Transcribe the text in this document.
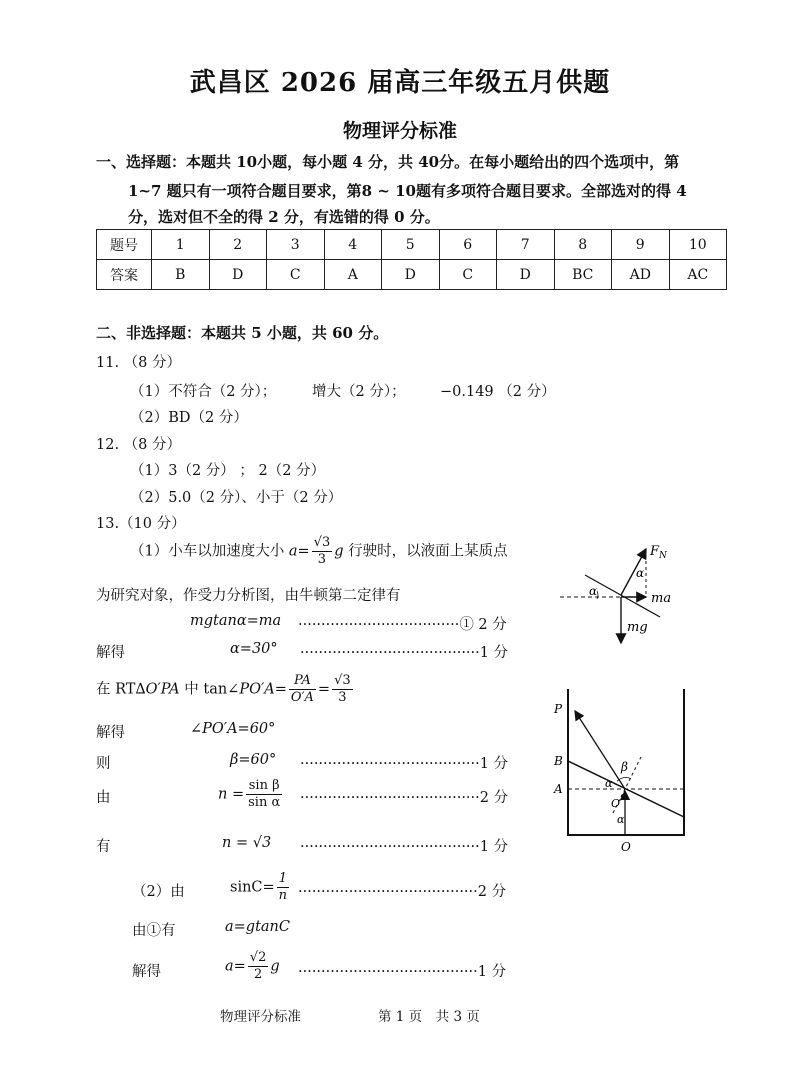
武昌区 2026 届高三年级五月供题
物理评分标准
一、选择题：本题共 10小题，每小题 4 分，共 40分。在每小题给出的四个选项中，第
1~7 题只有一项符合题目要求，第8 ~ 10题有多项符合题目要求。全部选对的得 4
分，选对但不全的得 2 分，有选错的得 0 分。
题号	1	2	3	4	5	6	7	8	9	10
答案	B	D	C	A	D	C	D	BC	AD	AC
二、非选择题：本题共 5 小题，共 60 分。
11. （8 分）
（1）不符合（2 分）； 增大（2 分）； −0.149 （2 分）
（2）BD（2 分）
12. （8 分）
（1）3（2 分） ； 2（2 分）
（2）5.0（2 分）、小于（2 分）
13.（10 分）
（1）小车以加速度大小 $a= \frac{√3}{3}$ g 行驶时，以液面上某质点
为研究对象，作受力分析图，由牛顿第二定律有
mgtanα=ma ···································① 2 分
解得	α=30° ·······································1 分
在 RT∆O′PA 中 tan∠PO′A= $\frac{PA}{O'A} = \frac{√3}{3}$
解得	∠PO′A=60°
则	β=60° ·······································1 分
由	$n = \frac{\text{sin β}}{\text{sin α}} \cdot\cdot\cdot\cdot\cdot\cdot\cdot\cdot\cdot\cdot\cdot\cdot\cdot\cdot\cdot\cdot\cdot\cdot\cdot\cdot\cdot\cdot\cdot\cdot\cdot\cdot\cdot\cdot\cdot\cdot\cdot\cdot\cdot\cdot\cdot\cdot\cdot\cdot\cdot 2$ 分
有	n = √3 ·······································1 分
（2）由	$\sin C= \frac{1}{n} \cdot\cdot\cdot\cdot\cdot\cdot\cdot\cdot\cdot\cdot\cdot\cdot\cdot\cdot\cdot\cdot\cdot\cdot\cdot\cdot\cdot\cdot\cdot\cdot\cdot\cdot\cdot\cdot\cdot\cdot\cdot\cdot\cdot\cdot\cdot\cdot\cdot\cdot\cdot 2$ 分
由①有	a=gtanC
解得	$a= \frac{√2}{2}$ g ·······································1 分
$F_N$
α
α	ma
mg
P
B
A
O
O′
β
α
α
物理评分标准	第 1 页　共 3 页
